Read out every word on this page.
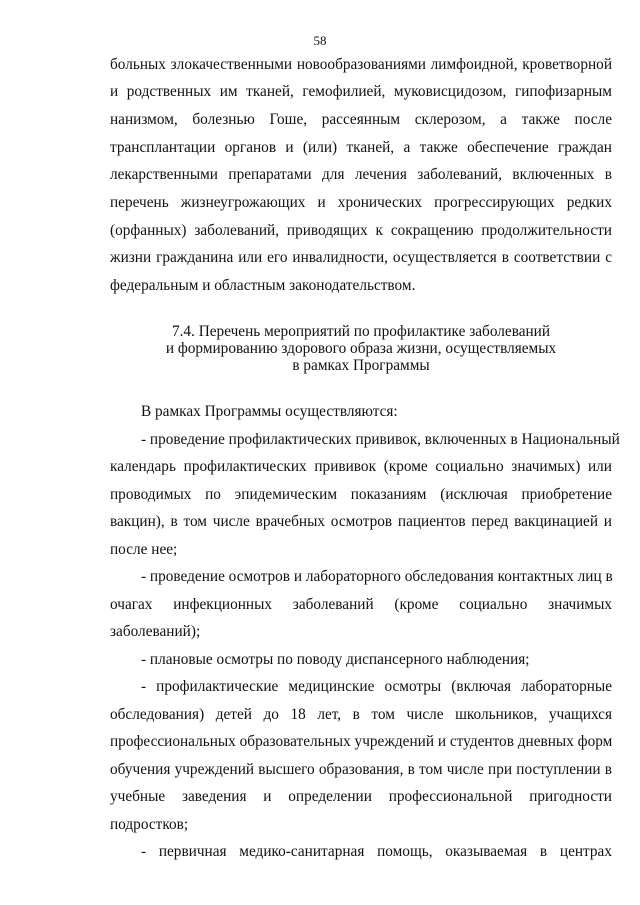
58
больных злокачественными новообразованиями лимфоидной, кроветворной
и родственных им тканей, гемофилией, муковисцидозом, гипофизарным
нанизмом, болезнью Гоше, рассеянным склерозом, а также после
трансплантации органов и (или) тканей, а также обеспечение граждан
лекарственными препаратами для лечения заболеваний, включенных в
перечень жизнеугрожающих и хронических прогрессирующих редких
(орфанных) заболеваний, приводящих к сокращению продолжительности
жизни гражданина или его инвалидности, осуществляется в соответствии с
федеральным и областным законодательством.
7.4. Перечень мероприятий по профилактике заболеваний
и формированию здорового образа жизни, осуществляемых
в рамках Программы
В рамках Программы осуществляются:
- проведение профилактических прививок, включенных в Национальный
календарь профилактических прививок (кроме социально значимых) или
проводимых по эпидемическим показаниям (исключая приобретение
вакцин), в том числе врачебных осмотров пациентов перед вакцинацией и
после нее;
- проведение осмотров и лабораторного обследования контактных лиц в
очагах инфекционных заболеваний (кроме социально значимых
заболеваний);
- плановые осмотры по поводу диспансерного наблюдения;
- профилактические медицинские осмотры (включая лабораторные
обследования) детей до 18 лет, в том числе школьников, учащихся
профессиональных образовательных учреждений и студентов дневных форм
обучения учреждений высшего образования, в том числе при поступлении в
учебные заведения и определении профессиональной пригодности
подростков;
- первичная медико-санитарная помощь, оказываемая в центрах
